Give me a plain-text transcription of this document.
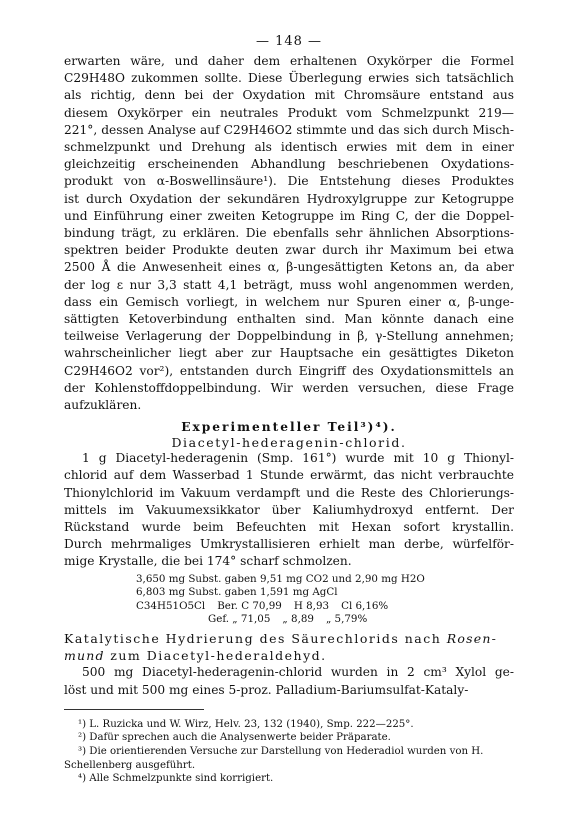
— 148 —
erwarten wäre, und daher dem erhaltenen Oxykörper die Formel
C29H48O zukommen sollte. Diese Überlegung erwies sich tatsächlich
als richtig, denn bei der Oxydation mit Chromsäure entstand aus
diesem Oxykörper ein neutrales Produkt vom Schmelzpunkt 219—
221°, dessen Analyse auf C29H46O2 stimmte und das sich durch Misch-
schmelzpunkt und Drehung als identisch erwies mit dem in einer
gleichzeitig erscheinenden Abhandlung beschriebenen Oxydations-
produkt von α-Boswellinsäure¹). Die Entstehung dieses Produktes
ist durch Oxydation der sekundären Hydroxylgruppe zur Ketogruppe
und Einführung einer zweiten Ketogruppe im Ring C, der die Doppel-
bindung trägt, zu erklären. Die ebenfalls sehr ähnlichen Absorptions-
spektren beider Produkte deuten zwar durch ihr Maximum bei etwa
2500 Å die Anwesenheit eines α, β-ungesättigten Ketons an, da aber
der log ε nur 3,3 statt 4,1 beträgt, muss wohl angenommen werden,
dass ein Gemisch vorliegt, in welchem nur Spuren einer α, β-unge-
sättigten Ketoverbindung enthalten sind. Man könnte danach eine
teilweise Verlagerung der Doppelbindung in β, γ-Stellung annehmen;
wahrscheinlicher liegt aber zur Hauptsache ein gesättigtes Diketon
C29H46O2 vor²), entstanden durch Eingriff des Oxydationsmittels an
der Kohlenstoffdoppelbindung. Wir werden versuchen, diese Frage
aufzuklären.
Experimenteller Teil³)⁴).
Diacetyl-hederagenin-chlorid.
1 g Diacetyl-hederagenin (Smp. 161°) wurde mit 10 g Thionyl-
chlorid auf dem Wasserbad 1 Stunde erwärmt, das nicht verbrauchte
Thionylchlorid im Vakuum verdampft und die Reste des Chlorierungs-
mittels im Vakuumexsikkator über Kaliumhydroxyd entfernt. Der
Rückstand wurde beim Befeuchten mit Hexan sofort krystallin.
Durch mehrmaliges Umkrystallisieren erhielt man derbe, würfelför-
mige Krystalle, die bei 174° scharf schmolzen.
3,650 mg Subst. gaben 9,51 mg CO2 und 2,90 mg H2O
6,803 mg Subst. gaben 1,591 mg AgCl
C34H51O5Cl Ber. C 70,99 H 8,93 Cl 6,16%
Gef. „ 71,05 „ 8,89 „ 5,79%
Katalytische Hydrierung des Säurechlorids nach Rosen-
mund zum Diacetyl-hederaldehyd.
500 mg Diacetyl-hederagenin-chlorid wurden in 2 cm³ Xylol ge-
löst und mit 500 mg eines 5-proz. Palladium-Bariumsulfat-Kataly-

¹) L. Ruzicka und W. Wirz, Helv. 23, 132 (1940), Smp. 222—225°.

²) Dafür sprechen auch die Analysenwerte beider Präparate.

³) Die orientierenden Versuche zur Darstellung von Hederadiol wurden von H. Schellenberg ausgeführt.

⁴) Alle Schmelzpunkte sind korrigiert.
